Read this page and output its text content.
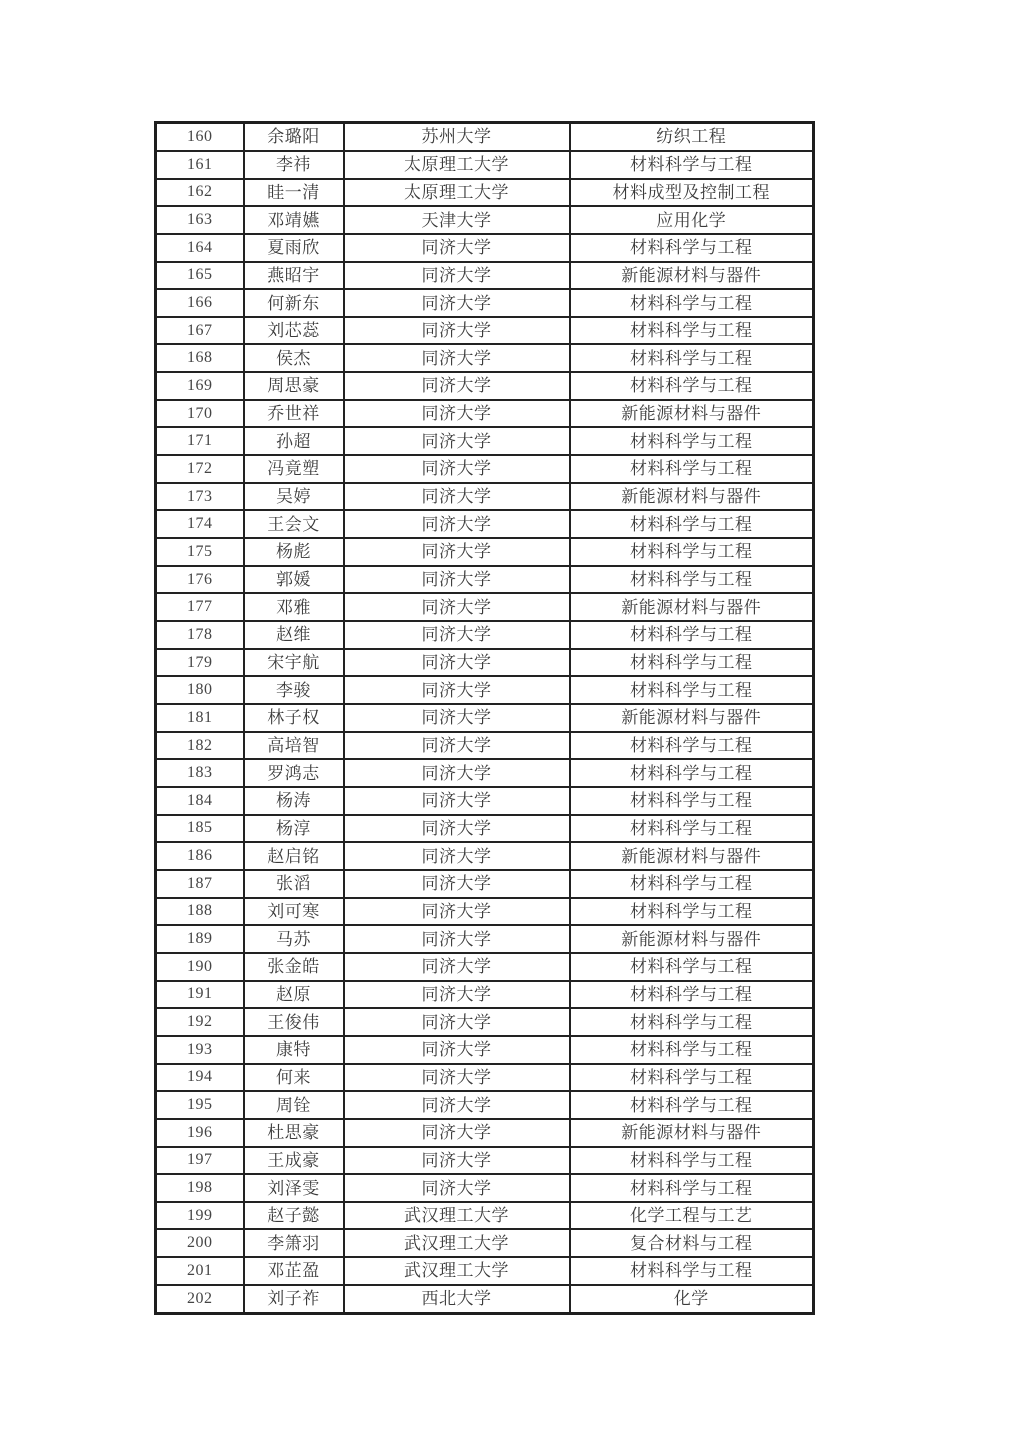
160	余璐阳	苏州大学	纺织工程
161	李祎	太原理工大学	材料科学与工程
162	眭一清	太原理工大学	材料成型及控制工程
163	邓靖嬿	天津大学	应用化学
164	夏雨欣	同济大学	材料科学与工程
165	燕昭宇	同济大学	新能源材料与器件
166	何新东	同济大学	材料科学与工程
167	刘芯蕊	同济大学	材料科学与工程
168	侯杰	同济大学	材料科学与工程
169	周思豪	同济大学	材料科学与工程
170	乔世祥	同济大学	新能源材料与器件
171	孙超	同济大学	材料科学与工程
172	冯竟塑	同济大学	材料科学与工程
173	吴婷	同济大学	新能源材料与器件
174	王会文	同济大学	材料科学与工程
175	杨彪	同济大学	材料科学与工程
176	郭媛	同济大学	材料科学与工程
177	邓雅	同济大学	新能源材料与器件
178	赵维	同济大学	材料科学与工程
179	宋宇航	同济大学	材料科学与工程
180	李骏	同济大学	材料科学与工程
181	林子权	同济大学	新能源材料与器件
182	高培智	同济大学	材料科学与工程
183	罗鸿志	同济大学	材料科学与工程
184	杨涛	同济大学	材料科学与工程
185	杨淳	同济大学	材料科学与工程
186	赵启铭	同济大学	新能源材料与器件
187	张滔	同济大学	材料科学与工程
188	刘可寒	同济大学	材料科学与工程
189	马苏	同济大学	新能源材料与器件
190	张金皓	同济大学	材料科学与工程
191	赵原	同济大学	材料科学与工程
192	王俊伟	同济大学	材料科学与工程
193	康特	同济大学	材料科学与工程
194	何来	同济大学	材料科学与工程
195	周铨	同济大学	材料科学与工程
196	杜思豪	同济大学	新能源材料与器件
197	王成豪	同济大学	材料科学与工程
198	刘泽雯	同济大学	材料科学与工程
199	赵子懿	武汉理工大学	化学工程与工艺
200	李箫羽	武汉理工大学	复合材料与工程
201	邓芷盈	武汉理工大学	材料科学与工程
202	刘子祚	西北大学	化学
